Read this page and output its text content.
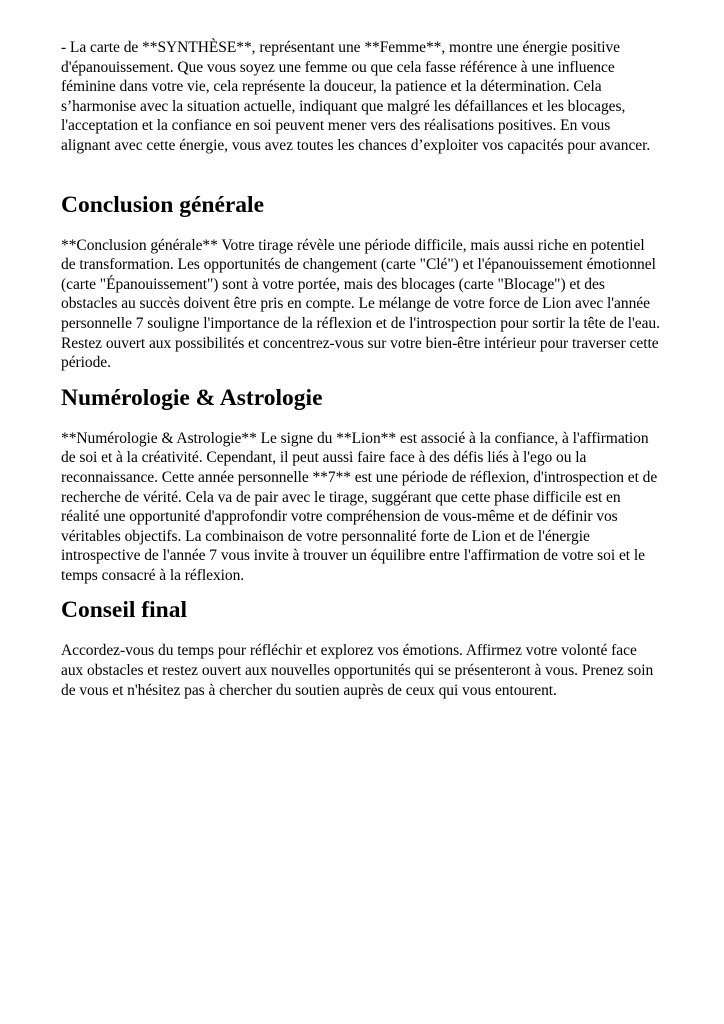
- La carte de **SYNTHÈSE**, représentant une **Femme**, montre une énergie positive d'épanouissement. Que vous soyez une femme ou que cela fasse référence à une influence féminine dans votre vie, cela représente la douceur, la patience et la détermination. Cela s’harmonise avec la situation actuelle, indiquant que malgré les défaillances et les blocages, l'acceptation et la confiance en soi peuvent mener vers des réalisations positives. En vous alignant avec cette énergie, vous avez toutes les chances d’exploiter vos capacités pour avancer.

Conclusion générale

**Conclusion générale** Votre tirage révèle une période difficile, mais aussi riche en potentiel de transformation. Les opportunités de changement (carte "Clé") et l'épanouissement émotionnel (carte "Épanouissement") sont à votre portée, mais des blocages (carte "Blocage") et des obstacles au succès doivent être pris en compte. Le mélange de votre force de Lion avec l'année personnelle 7 souligne l'importance de la réflexion et de l'introspection pour sortir la tête de l'eau. Restez ouvert aux possibilités et concentrez-vous sur votre bien-être intérieur pour traverser cette période.

Numérologie & Astrologie

**Numérologie & Astrologie** Le signe du **Lion** est associé à la confiance, à l'affirmation de soi et à la créativité. Cependant, il peut aussi faire face à des défis liés à l'ego ou la reconnaissance. Cette année personnelle **7** est une période de réflexion, d'introspection et de recherche de vérité. Cela va de pair avec le tirage, suggérant que cette phase difficile est en réalité une opportunité d'approfondir votre compréhension de vous-même et de définir vos véritables objectifs. La combinaison de votre personnalité forte de Lion et de l'énergie introspective de l'année 7 vous invite à trouver un équilibre entre l'affirmation de votre soi et le temps consacré à la réflexion.

Conseil final

Accordez-vous du temps pour réfléchir et explorez vos émotions. Affirmez votre volonté face aux obstacles et restez ouvert aux nouvelles opportunités qui se présenteront à vous. Prenez soin de vous et n'hésitez pas à chercher du soutien auprès de ceux qui vous entourent.
